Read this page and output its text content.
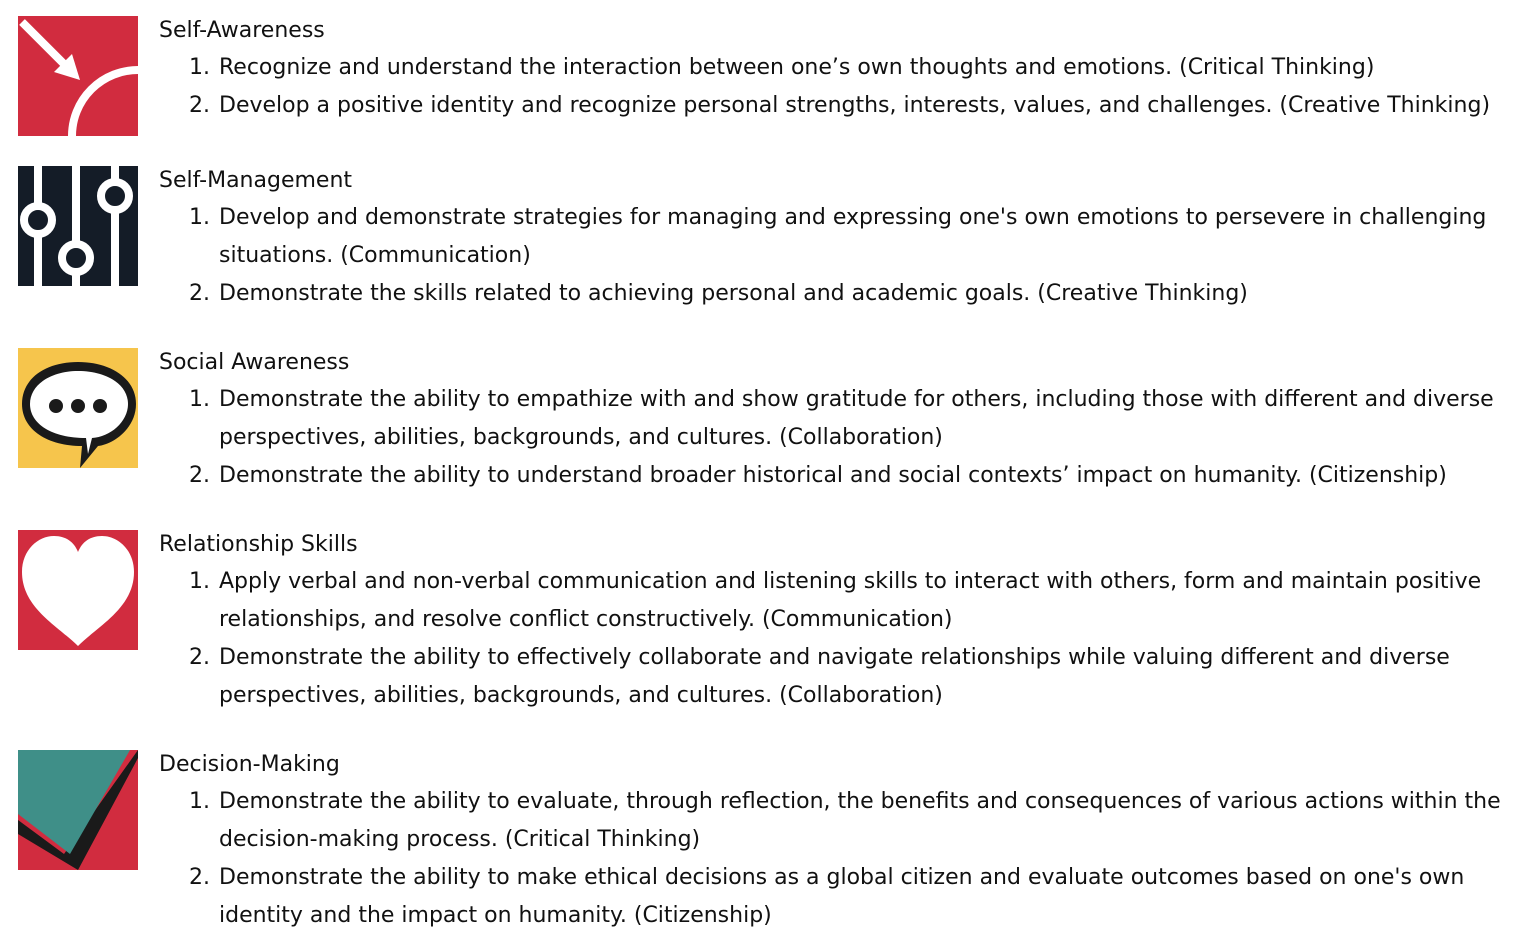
Self-Awareness
1. Recognize and understand the interaction between one’s own thoughts and emotions. (Critical Thinking)
2. Develop a positive identity and recognize personal strengths, interests, values, and challenges. (Creative Thinking)
Self-Management
1. Develop and demonstrate strategies for managing and expressing one's own emotions to persevere in challenging situations. (Communication)
2. Demonstrate the skills related to achieving personal and academic goals. (Creative Thinking)
Social Awareness
1. Demonstrate the ability to empathize with and show gratitude for others, including those with different and diverse perspectives, abilities, backgrounds, and cultures. (Collaboration)
2. Demonstrate the ability to understand broader historical and social contexts’ impact on humanity. (Citizenship)
Relationship Skills
1. Apply verbal and non-verbal communication and listening skills to interact with others, form and maintain positive relationships, and resolve conflict constructively. (Communication)
2. Demonstrate the ability to effectively collaborate and navigate relationships while valuing different and diverse perspectives, abilities, backgrounds, and cultures. (Collaboration)
Decision-Making
1. Demonstrate the ability to evaluate, through reflection, the benefits and consequences of various actions within the decision-making process. (Critical Thinking)
2. Demonstrate the ability to make ethical decisions as a global citizen and evaluate outcomes based on one's own identity and the impact on humanity. (Citizenship)
